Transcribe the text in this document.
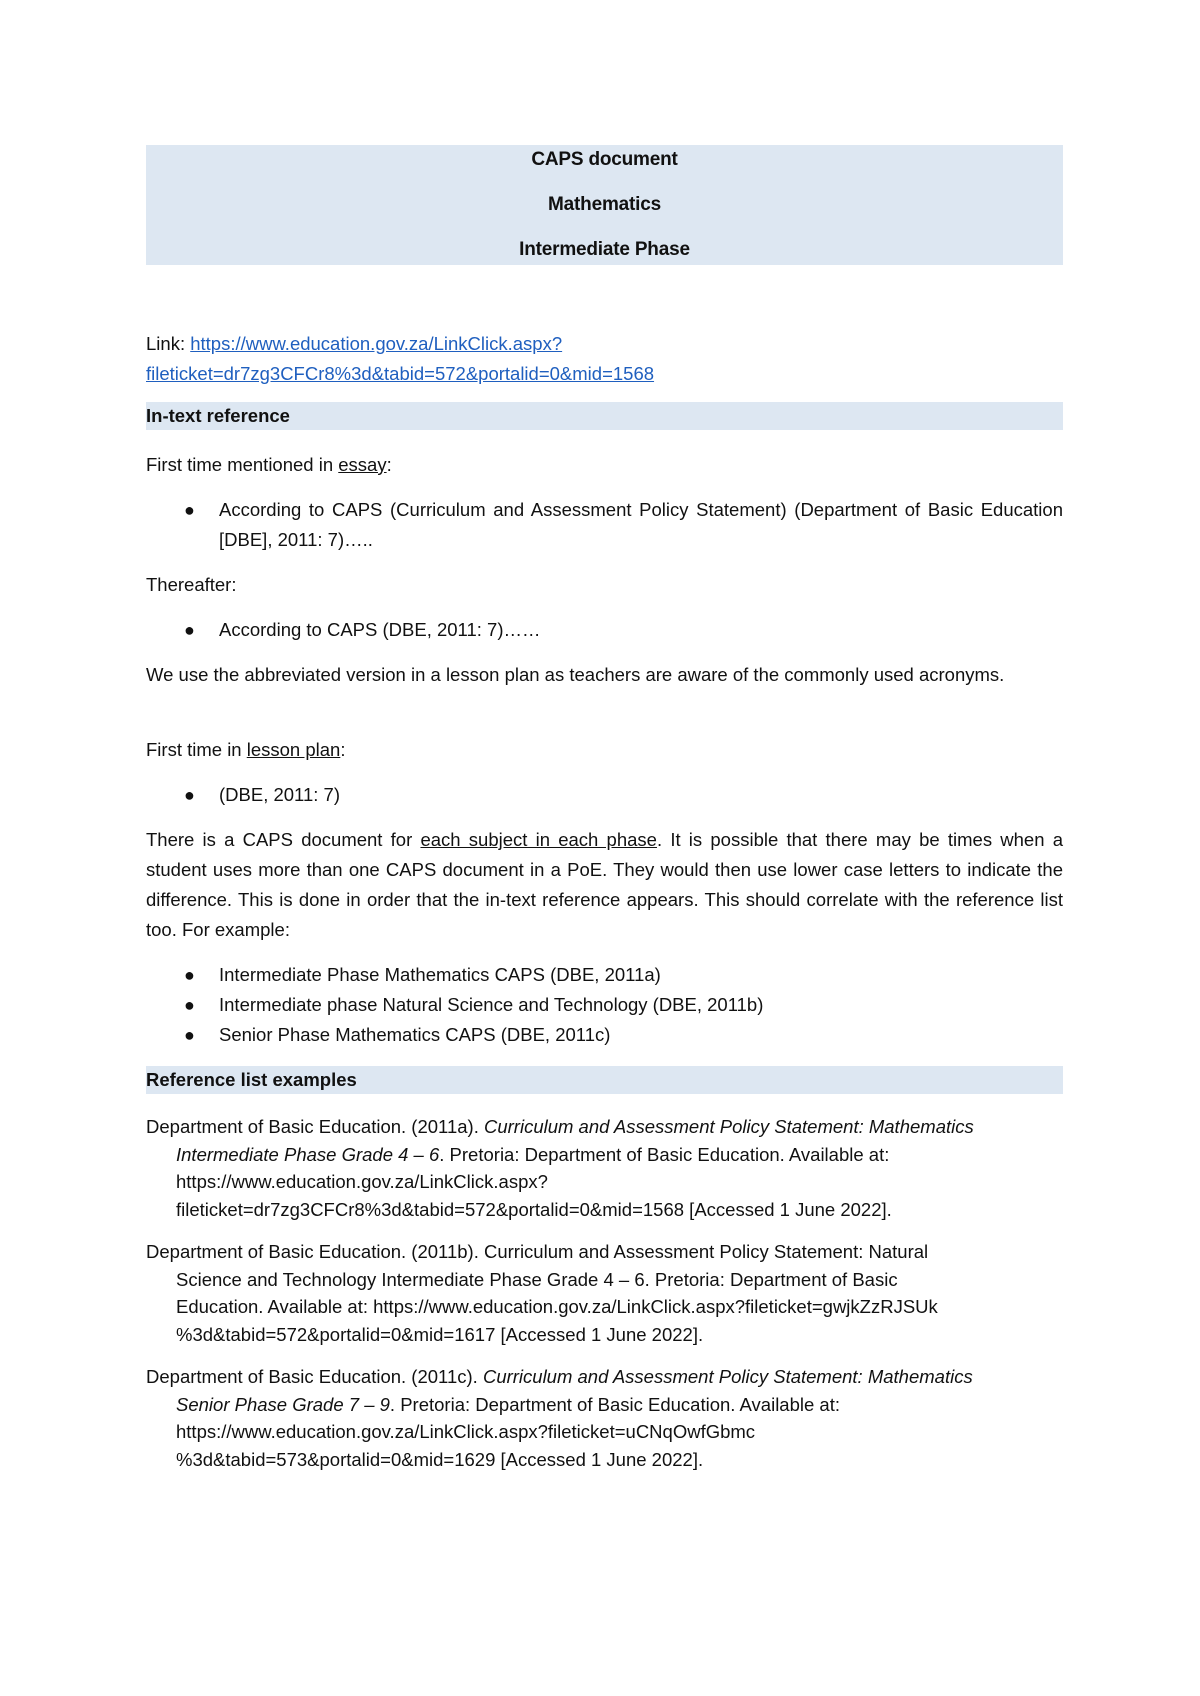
CAPS document
Mathematics
Intermediate Phase
Link: https://www.education.gov.za/LinkClick.aspx?
fileticket=dr7zg3CFCr8%3d&tabid=572&portalid=0&mid=1568
In-text reference
First time mentioned in essay:
● According to CAPS (Curriculum and Assessment Policy Statement) (Department of Basic Education [DBE], 2011: 7)…..
Thereafter:
● According to CAPS (DBE, 2011: 7)……
We use the abbreviated version in a lesson plan as teachers are aware of the commonly used acronyms.
First time in lesson plan:
● (DBE, 2011: 7)
There is a CAPS document for each subject in each phase. It is possible that there may be times when a student uses more than one CAPS document in a PoE. They would then use lower case letters to indicate the difference. This is done in order that the in-text reference appears. This should correlate with the reference list too. For example:
● Intermediate Phase Mathematics CAPS (DBE, 2011a)
● Intermediate phase Natural Science and Technology (DBE, 2011b)
● Senior Phase Mathematics CAPS (DBE, 2011c)
Reference list examples
Department of Basic Education. (2011a). Curriculum and Assessment Policy Statement: Mathematics
Intermediate Phase Grade 4 – 6. Pretoria: Department of Basic Education. Available at:
https://www.education.gov.za/LinkClick.aspx?
fileticket=dr7zg3CFCr8%3d&tabid=572&portalid=0&mid=1568 [Accessed 1 June 2022].
Department of Basic Education. (2011b). Curriculum and Assessment Policy Statement: Natural
Science and Technology Intermediate Phase Grade 4 – 6. Pretoria: Department of Basic
Education. Available at: https://www.education.gov.za/LinkClick.aspx?fileticket=gwjkZzRJSUk
%3d&tabid=572&portalid=0&mid=1617 [Accessed 1 June 2022].
Department of Basic Education. (2011c). Curriculum and Assessment Policy Statement: Mathematics
Senior Phase Grade 7 – 9. Pretoria: Department of Basic Education. Available at:
https://www.education.gov.za/LinkClick.aspx?fileticket=uCNqOwfGbmc
%3d&tabid=573&portalid=0&mid=1629 [Accessed 1 June 2022].
